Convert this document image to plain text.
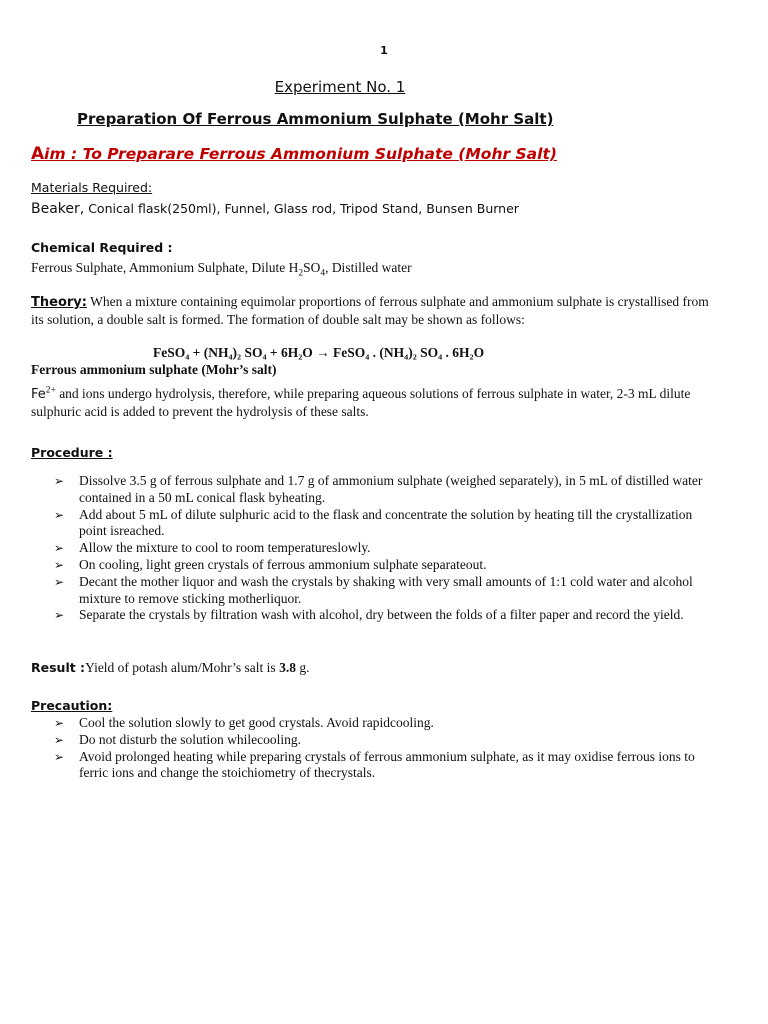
1
Experiment No. 1
Preparation Of Ferrous Ammonium Sulphate (Mohr Salt)
Aim : To Preparare Ferrous Ammonium Sulphate (Mohr Salt)
Materials Required:
Beaker, Conical flask(250ml), Funnel, Glass rod, Tripod Stand, Bunsen Burner
Chemical Required :
Ferrous Sulphate, Ammonium Sulphate, Dilute $H_2SO_4$, Distilled water
Theory: When a mixture containing equimolar proportions of ferrous sulphate and ammonium sulphate is crystallised from its solution, a double salt is formed. The formation of double salt may be shown as follows:
FeSO₄ + (NH₄)₂ SO₄ + 6H₂O → FeSO₄ . (NH₄)₂ SO₄ . 6H₂O
Ferrous ammonium sulphate (Mohr’s salt)
$Fe^{2+}$ and ions undergo hydrolysis, therefore, while preparing aqueous solutions of ferrous sulphate in water, 2-3 mL dilute sulphuric acid is added to prevent the hydrolysis of these salts.
Procedure :
➢ Dissolve 3.5 g of ferrous sulphate and 1.7 g of ammonium sulphate (weighed separately), in 5 mL of distilled water contained in a 50 mL conical flask byheating.
➢ Add about 5 mL of dilute sulphuric acid to the flask and concentrate the solution by heating till the crystallization point isreached.
➢ Allow the mixture to cool to room temperatureslowly.
➢ On cooling, light green crystals of ferrous ammonium sulphate separateout.
➢ Decant the mother liquor and wash the crystals by shaking with very small amounts of 1:1 cold water and alcohol mixture to remove sticking motherliquor.
➢ Separate the crystals by filtration wash with alcohol, dry between the folds of a filter paper and record the yield.
Result :Yield of potash alum/Mohr’s salt is 3.8 g.
Precaution:
➢ Cool the solution slowly to get good crystals. Avoid rapidcooling.
➢ Do not disturb the solution whilecooling.
➢ Avoid prolonged heating while preparing crystals of ferrous ammonium sulphate, as it may oxidise ferrous ions to ferric ions and change the stoichiometry of thecrystals.
